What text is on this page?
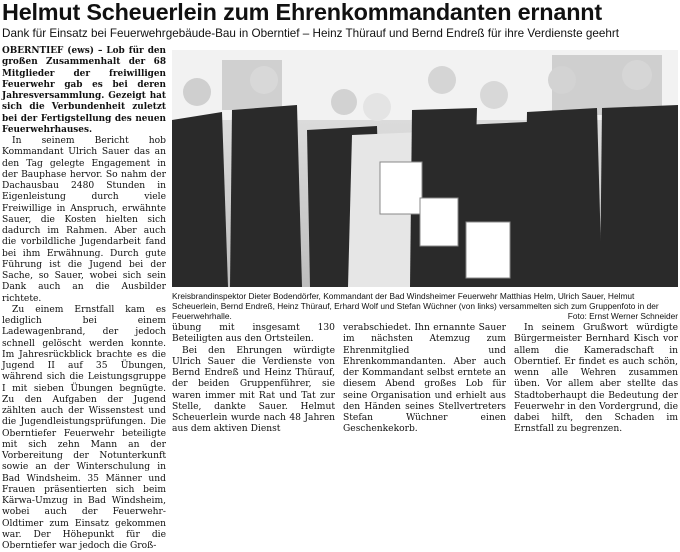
Helmut Scheuerlein zum Ehrenkommandanten ernannt
Dank für Einsatz bei Feuerwehrgebäude-Bau in Oberntief – Heinz Thürauf und Bernd Endreß für ihre Verdienste geehrt

OBERNTIEF (ews) – Lob für den großen Zusammenhalt der 68 Mitglieder der freiwilligen Feuerwehr gab es bei deren Jahresversammlung. Gezeigt hat sich die Verbundenheit zuletzt bei der Fertigstellung des neuen Feuerwehrhauses.

In seinem Bericht hob Kommandant Ulrich Sauer das an den Tag gelegte Engagement in der Bauphase hervor. So nahm der Dachausbau 2480 Stunden in Eigenleistung durch viele Freiwillige in Anspruch, erwähnte Sauer, die Kosten hielten sich dadurch im Rahmen. Aber auch die vorbildliche Jugendarbeit fand bei ihm Erwähnung. Durch gute Führung ist die Jugend bei der Sache, so Sauer, wobei sich sein Dank auch an die Ausbilder richtete.

Zu einem Ernstfall kam es lediglich bei einem Ladewagenbrand, der jedoch schnell gelöscht werden konnte. Im Jahresrückblick brachte es die Jugend II auf 35 Übungen, während sich die Leistungsgruppe I mit sieben Übungen begnügte. Zu den Aufgaben der Jugend zählten auch der Wissenstest und die Jugendleistungsprüfungen. Die Oberntiefer Feuerwehr beteiligte mit sich zehn Mann an der Vorbereitung der Notunterkunft sowie an der Winterschulung in Bad Windsheim. 35 Männer und Frauen präsentierten sich beim Kärwa-Umzug in Bad Windsheim, wobei auch der Feuerwehr-Oldtimer zum Einsatz gekommen war. Der Höhepunkt für die Oberntiefer war jedoch die Groß-

Kreisbrandinspektor Dieter Bodendörfer, Kommandant der Bad Windsheimer Feuerwehr Matthias Helm, Ulrich Sauer, Helmut Scheuerlein, Bernd Endreß, Heinz Thürauf, Erhard Wolf und Stefan Wüchner (von links) versammelten sich zum Gruppenfoto in der Feuerwehrhalle.	Foto: Ernst Werner Schneider

übung mit insgesamt 130 Beteiligten aus den Ortsteilen.

Bei den Ehrungen würdigte Ulrich Sauer die Verdienste von Bernd Endreß und Heinz Thürauf, der beiden Gruppenführer, sie waren immer mit Rat und Tat zur Stelle, dankte Sauer. Helmut Scheuerlein wurde nach 48 Jahren aus dem aktiven Dienst

verabschiedet. Ihn ernannte Sauer im nächsten Atemzug zum Ehrenmitglied und Ehrenkommandanten. Aber auch der Kommandant selbst erntete an diesem Abend großes Lob für seine Organisation und erhielt aus den Händen seines Stellvertreters Stefan Wüchner einen Geschenkekorb.

In seinem Grußwort würdigte Bürgermeister Bernhard Kisch vor allem die Kameradschaft in Oberntief. Er findet es auch schön, wenn alle Wehren zusammen üben. Vor allem aber stellte das Stadtoberhaupt die Bedeutung der Feuerwehr in den Vordergrund, die dabei hilft, den Schaden im Ernstfall zu begrenzen.
